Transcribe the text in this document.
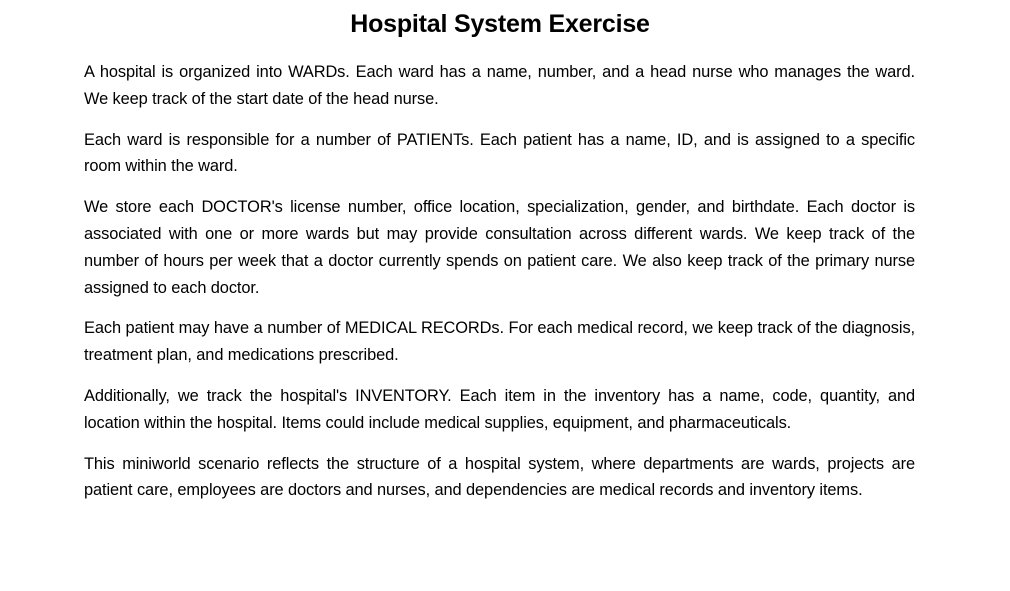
Hospital System Exercise

A hospital is organized into WARDs. Each ward has a name, number, and a head nurse who manages the ward. We keep track of the start date of the head nurse.

Each ward is responsible for a number of PATIENTs. Each patient has a name, ID, and is assigned to a specific room within the ward.

We store each DOCTOR's license number, office location, specialization, gender, and birthdate. Each doctor is associated with one or more wards but may provide consultation across different wards. We keep track of the number of hours per week that a doctor currently spends on patient care. We also keep track of the primary nurse assigned to each doctor.

Each patient may have a number of MEDICAL RECORDs. For each medical record, we keep track of the diagnosis, treatment plan, and medications prescribed.

Additionally, we track the hospital's INVENTORY. Each item in the inventory has a name, code, quantity, and location within the hospital. Items could include medical supplies, equipment, and pharmaceuticals.

This miniworld scenario reflects the structure of a hospital system, where departments are wards, projects are patient care, employees are doctors and nurses, and dependencies are medical records and inventory items.
